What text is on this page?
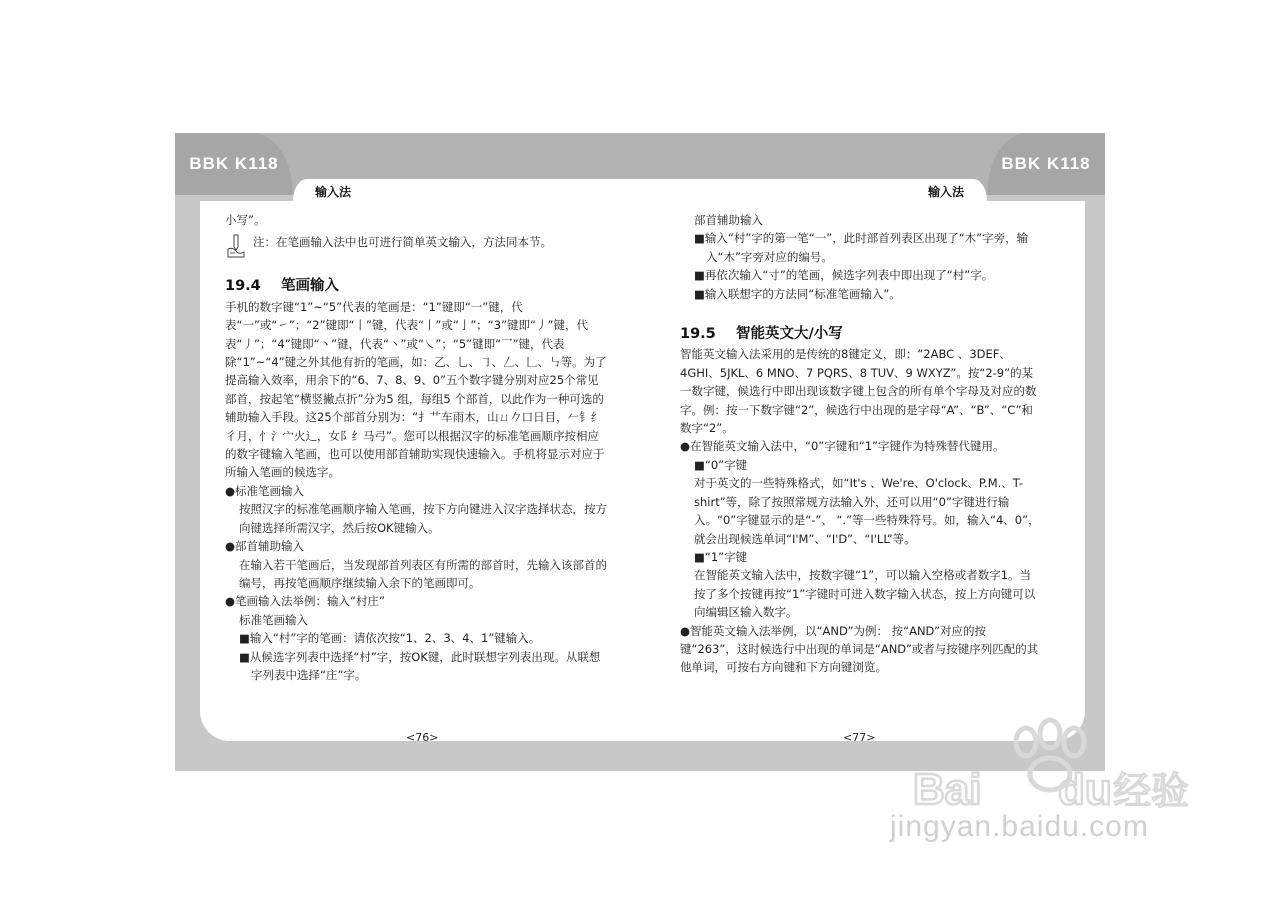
BBK K118
输入法
BBK K118
输入法
小写”。
注：在笔画输入法中也可进行简单英文输入，方法同本节。
19.4 笔画输入
手机的数字键“1”~“5”代表的笔画是：“1”键即“一”键，代表“一”或“㇀”；“2”键即“丨”键，代表“丨”或“亅”；“3”键即“丿”键，代表“丿”；“4”键即“丶”键，代表“丶”或“㇏”；“5”键即“乛”键，代表除“1”~“4”键之外其他有折的笔画，如：乙、乚、㇆、𠃋、𠃊、㇉等。为了提高输入效率，用余下的“6、7、8、9、0”五个数字键分别对应25个常见部首，按起笔“横竖撇点折”分为5 组，每组5 个部首，以此作为一种可选的辅助输入手段。这25个部首分别为：“扌艹车雨木，山ㄩ𠂊口日目，𠂉钅纟彳月，忄氵宀火辶，女阝纟马弓”。您可以根据汉字的标准笔画顺序按相应的数字键输入笔画，也可以使用部首辅助实现快速输入。手机将显示对应于所输入笔画的候选字。
●标准笔画输入
按照汉字的标准笔画顺序输入笔画，按下方向键进入汉字选择状态，按方向键选择所需汉字，然后按OK键输入。
●部首辅助输入
在输入若干笔画后，当发现部首列表区有所需的部首时，先输入该部首的编号，再按笔画顺序继续输入余下的笔画即可。
●笔画输入法举例：输入“村庄”
标准笔画输入
■输入“村”字的笔画：请依次按“1、2、3、4、1”键输入。
■从候选字列表中选择“村”字，按OK键，此时联想字列表出现。从联想字列表中选择“庄”字。
<76>
部首辅助输入
■输入“村”字的第一笔“一”，此时部首列表区出现了“木”字旁，输入“木”字旁对应的编号。
■再依次输入“寸”的笔画，候选字列表中即出现了“村”字。
■输入联想字的方法同“标准笔画输入”。
19.5 智能英文大/小写
智能英文输入法采用的是传统的8键定义，即：“2ABC 、3DEF、4GHI、5JKL、6 MNO、7 PQRS、8 TUV、9 WXYZ”。按“2-9”的某一数字键，候选行中即出现该数字键上包含的所有单个字母及对应的数字。例：按一下数字键“2”，候选行中出现的是字母“A”、“B”、“C”和数字“2”。
●在智能英文输入法中，“0”字键和“1”字键作为特殊替代键用。
■“0”字键
对于英文的一些特殊格式，如“It's 、We're、O'clock、P.M.、T-shirt”等，除了按照常规方法输入外，还可以用“0”字键进行输入。“0”字键显示的是“-”、 “.”等一些特殊符号。如，输入“4、0”，就会出现候选单词“I'M”、“I'D”、“I'LL”等。
■“1”字键
在智能英文输入法中，按数字键“1”，可以输入空格或者数字1。当按了多个按键再按“1”字键时可进入数字输入状态，按上方向键可以向编辑区输入数字。
●智能英文输入法举例，以“AND”为例： 按“AND”对应的按键“263”，这时候选行中出现的单词是“AND”或者与按键序列匹配的其他单词，可按右方向键和下方向键浏览。
<77>
Bai du 经验
jingyan.baidu.com
